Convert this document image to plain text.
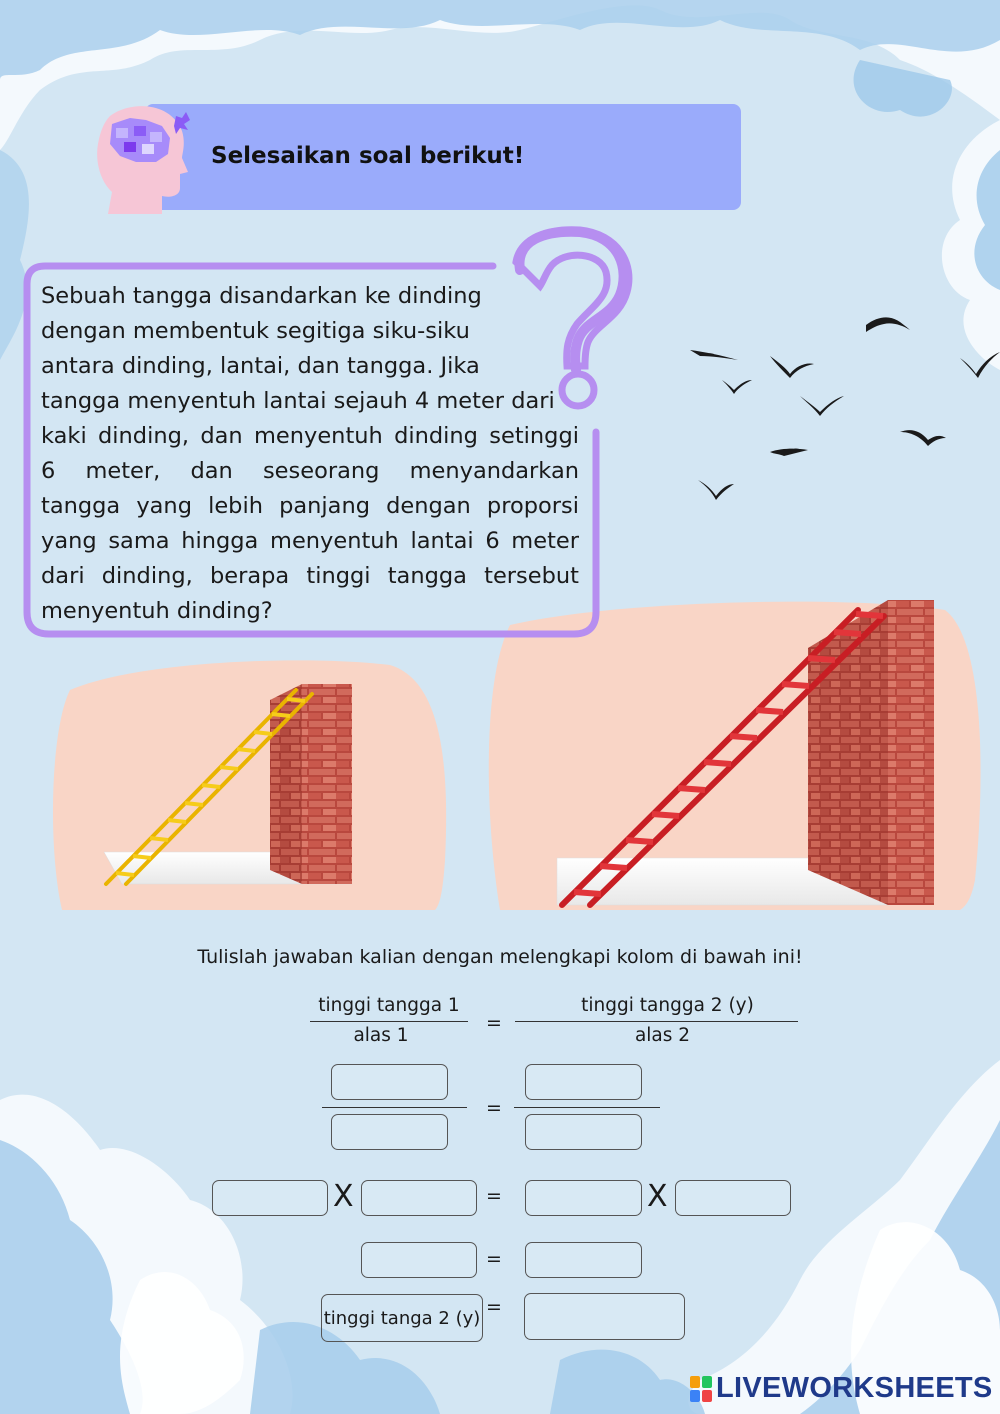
Selesaikan soal berikut!
Sebuah tangga disandarkan ke dinding
dengan membentuk segitiga siku-siku
antara dinding, lantai, dan tangga. Jika
tangga menyentuh lantai sejauh 4 meter dari
kaki dinding, dan menyentuh dinding setinggi
6 meter, dan seseorang menyandarkan
tangga yang lebih panjang dengan proporsi
yang sama hingga menyentuh lantai 6 meter
dari dinding, berapa tinggi tangga tersebut
menyentuh dinding?
Tulislah jawaban kalian dengan melengkapi kolom di bawah ini!
tinggi tangga 1
alas 1
=
tinggi tangga 2 (y)
alas 2
=
X	=	X
=
tinggi tanga 2 (y) =
LIVEWORKSHEETS
